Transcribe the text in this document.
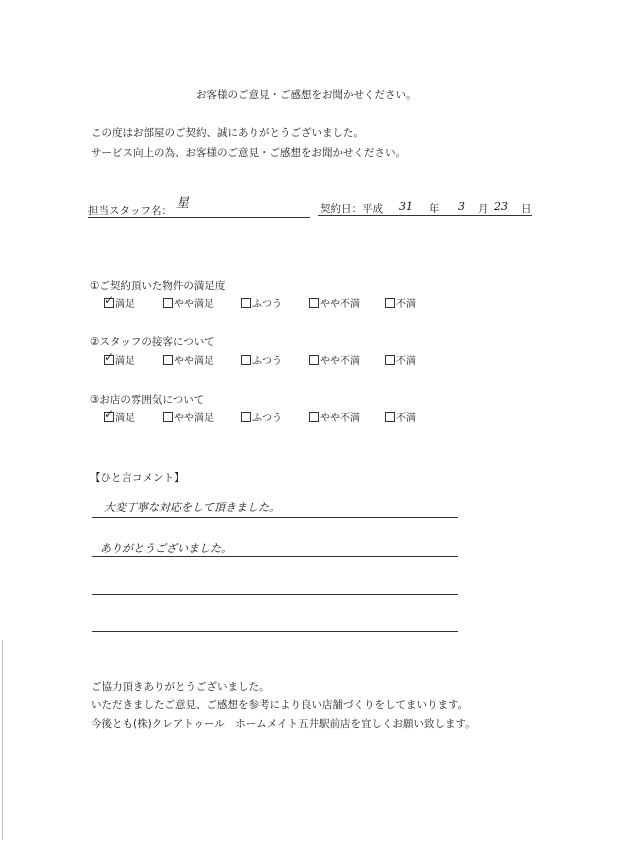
お客様のご意見・ご感想をお聞かせください。
この度はお部屋のご契約、誠にありがとうございました。
サービス向上の為、お客様のご意見・ご感想をお聞かせください。
担当スタッフ名： 星	契約日：平成 31 年 3 月 23 日
①ご契約頂いた物件の満足度
✓ 満足	やや満足	ふつう	やや不満	不満
②スタッフの接客について
✓ 満足	やや満足	ふつう	やや不満	不満
③お店の雰囲気について
✓ 満足	やや満足	ふつう	やや不満	不満
【ひと言コメント】
大変丁寧な対応をして頂きました。
ありがとうございました。
ご協力頂きありがとうございました。
いただきましたご意見、ご感想を参考により良い店舗づくりをしてまいります。
今後とも(株)クレアトゥール　ホームメイト五井駅前店を宜しくお願い致します。
